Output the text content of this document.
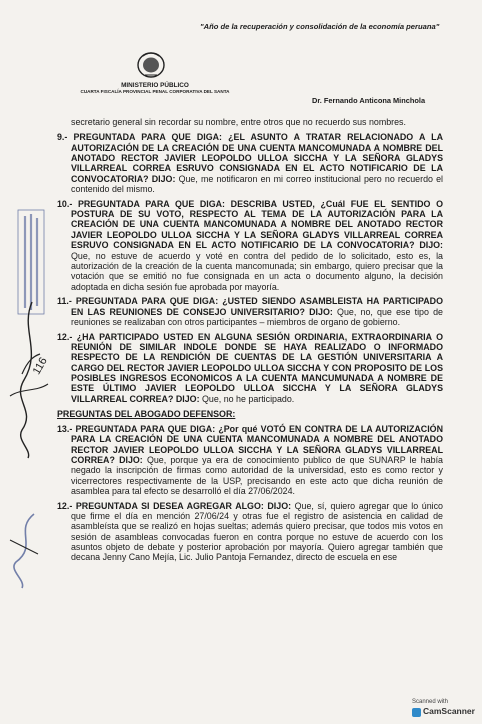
"Año de la recuperación y consolidación de la economía peruana"
MINISTERIO PÚBLICO
CUARTA FISCALÍA PROVINCIAL PENAL CORPORATIVA DEL SANTA
Dr. Fernando Anticona Minchola

secretario general sin recordar su nombre, entre otros que no recuerdo sus nombres.

9.- PREGUNTADA PARA QUE DIGA: ¿EL ASUNTO A TRATAR RELACIONADO A LA AUTORIZACIÓN DE LA CREACIÓN DE UNA CUENTA MANCOMUNADA A NOMBRE DEL ANOTADO RECTOR JAVIER LEOPOLDO ULLOA SICCHA Y LA SEÑORA GLADYS VILLARREAL CORREA ESRUVO CONSIGNADA EN EL ACTO NOTIFICARIO DE LA CONVOCATORIA? DIJO: Que, me notificaron en mi correo institucional pero no recuerdo el contenido del mismo.

10.- PREGUNTADA PARA QUE DIGA: DESCRIBA USTED, ¿Cuál FUE EL SENTIDO O POSTURA DE SU VOTO, RESPECTO AL TEMA DE LA AUTORIZACIÓN PARA LA CREACIÓN DE UNA CUENTA MANCOMUNADA A NOMBRE DEL ANOTADO RECTOR JAVIER LEOPOLDO ULLOA SICCHA Y LA SEÑORA GLADYS VILLARREAL CORREA ESRUVO CONSIGNADA EN EL ACTO NOTIFICARIO DE LA CONVOCATORIA? DIJO: Que, no estuve de acuerdo y voté en contra del pedido de lo solicitado, esto es, la autorización de la creación de la cuenta mancomunada; sin embargo, quiero precisar que la votación que se emitió no fue consignada en un acta o documento alguno, la decisión adoptada en dicha sesión fue aprobada por mayoría.

11.- PREGUNTADA PARA QUE DIGA: ¿USTED SIENDO ASAMBLEISTA HA PARTICIPADO EN LAS REUNIONES DE CONSEJO UNIVERSITARIO? DIJO: Que, no, que ese tipo de reuniones se realizaban con otros participantes – miembros de organo de gobierno.

12.- ¿HA PARTICIPADO USTED EN ALGUNA SESIÓN ORDINARIA, EXTRAORDINARIA O REUNIÓN DE SIMILAR INDOLE DONDE SE HAYA REALIZADO O INFORMADO RESPECTO DE LA RENDICIÓN DE CUENTAS DE LA GESTIÓN UNIVERSITARIA A CARGO DEL RECTOR JAVIER LEOPOLDO ULLOA SICCHA Y CON PROPOSITO DE LOS POSIBLES INGRESOS ECONOMICOS A LA CUENTA MANCUMUNADA A NOMBRE DE ESTE ÚLTIMO JAVIER LEOPOLDO ULLOA SICCHA Y LA SEÑORA GLADYS VILLARREAL CORREA? DIJO: Que, no he participado.

PREGUNTAS DEL ABOGADO DEFENSOR:

13.- PREGUNTADA PARA QUE DIGA: ¿Por qué VOTÓ EN CONTRA DE LA AUTORIZACIÓN PARA LA CREACIÓN DE UNA CUENTA MANCOMUNADA A NOMBRE DEL ANOTADO RECTOR JAVIER LEOPOLDO ULLOA SICCHA Y LA SEÑORA GLADYS VILLARREAL CORREA? DIJO: Que, porque ya era de conocimiento publico de que SUNARP le había negado la inscripción de firmas como autoridad de la universidad, esto es como rector y vicerrectores respectivamente de la USP, precisando en este acto que dicha reunión de asamblea para tal efecto se desarrolló el día 27/06/2024.

12.- PREGUNTADA SI DESEA AGREGAR ALGO: DIJO: Que, sí, quiero agregar que lo único que firme el día en mención 27/06/24 y otras fue el registro de asistencia en calidad de asambleísta que se realizó en hojas sueltas; además quiero precisar, que todos mis votos en sesión de asambleas convocadas fueron en contra porque no estuve de acuerdo con los asuntos objeto de debate y posterior aprobación por mayoría. Quiero agregar también que decana Jenny Cano Mejía, Lic. Julio Pantoja Fernandez, directo de escuela en ese

116
Scanned with
CamScanner
